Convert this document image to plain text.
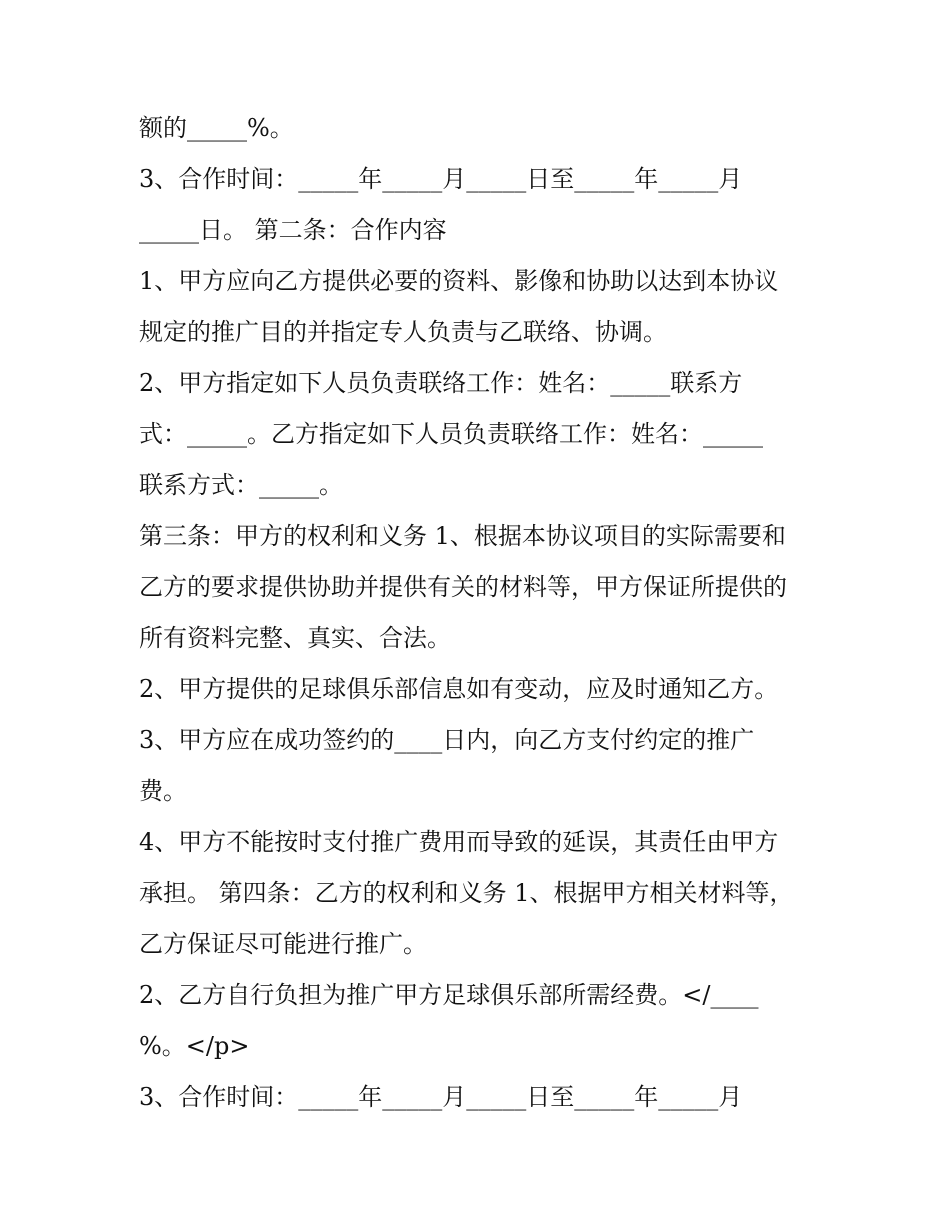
额的_____%。
3、合作时间：_____年_____月_____日至_____年_____月
_____日。 第二条：合作内容
1、甲方应向乙方提供必要的资料、影像和协助以达到本协议
规定的推广目的并指定专人负责与乙联络、协调。
2、甲方指定如下人员负责联络工作：姓名：_____联系方
式：_____。乙方指定如下人员负责联络工作：姓名：_____
联系方式：_____。
第三条：甲方的权利和义务 1、根据本协议项目的实际需要和
乙方的要求提供协助并提供有关的材料等，甲方保证所提供的
所有资料完整、真实、合法。
2、甲方提供的足球俱乐部信息如有变动，应及时通知乙方。
3、甲方应在成功签约的____日内，向乙方支付约定的推广
费。
4、甲方不能按时支付推广费用而导致的延误，其责任由甲方
承担。 第四条：乙方的权利和义务 1、根据甲方相关材料等，
乙方保证尽可能进行推广。
2、乙方自行负担为推广甲方足球俱乐部所需经费。</____
%。</p>
3、合作时间：_____年_____月_____日至_____年_____月
